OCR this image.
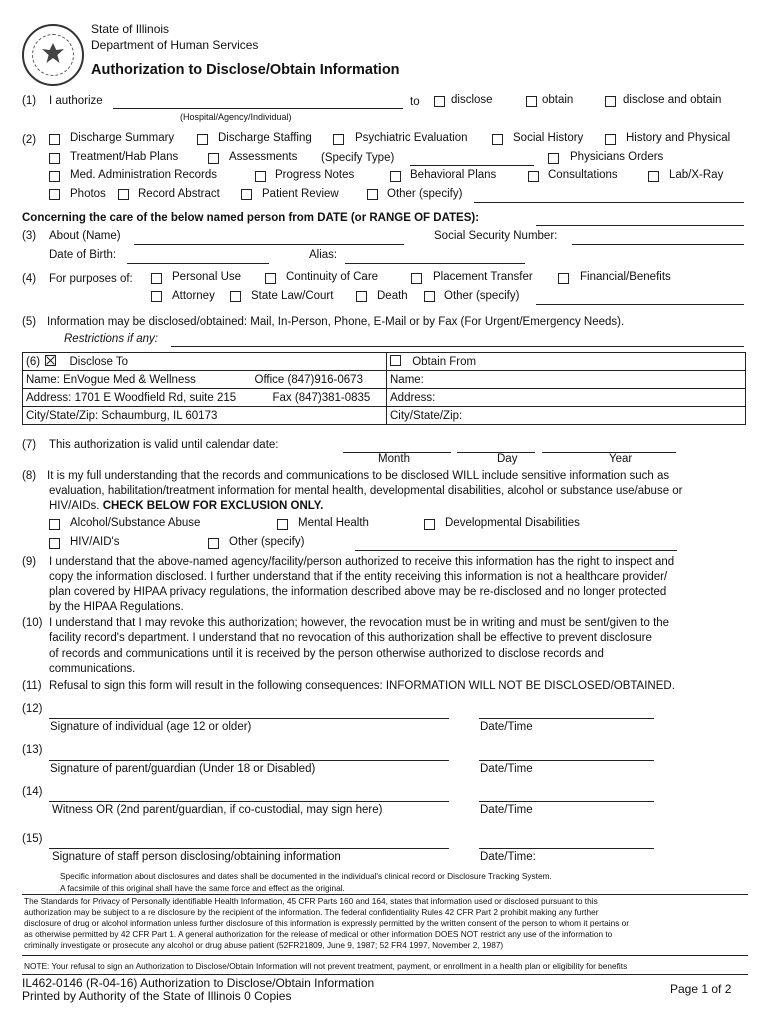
State of Illinois
Department of Human Services
Authorization to Disclose/Obtain Information
(1) I authorize
(Hospital/Agency/Individual)
to	disclose	obtain	disclose and obtain
(2)	Discharge Summary	Discharge Staffing	Psychiatric Evaluation	Social History	History and Physical
Treatment/Hab Plans	Assessments (Specify Type)	Physicians Orders
Med. Administration Records	Progress Notes	Behavioral Plans	Consultations	Lab/X-Ray
Photos	Record Abstract	Patient Review	Other (specify)
Concerning the care of the below named person from DATE (or RANGE OF DATES):
(3) About (Name)	Social Security Number:
Date of Birth:	Alias:
(4) For purposes of:	Personal Use	Continuity of Care	Placement Transfer	Financial/Benefits
Attorney	State Law/Court	Death	Other (specify)
(5) Information may be disclosed/obtained: Mail, In-Person, Phone, E-Mail or by Fax (For Urgent/Emergency Needs).
Restrictions if any:
(6) Disclose To	Obtain From
Name: EnVogue Med & Wellness Office (847)916-0673	Name:
Address: 1701 E Woodfield Rd, suite 215 Fax (847)381-0835	Address:
City/State/Zip: Schaumburg, IL 60173	City/State/Zip:
(7) This authorization is valid until calendar date:
Month	Day	Year
(8) It is my full understanding that the records and communications to be disclosed WILL include sensitive information such as
evaluation, habilitation/treatment information for mental health, developmental disabilities, alcohol or substance use/abuse or
HIV/AIDs. CHECK BELOW FOR EXCLUSION ONLY.
Alcohol/Substance Abuse	Mental Health	Developmental Disabilities
HIV/AID's	Other (specify)
(9) I understand that the above-named agency/facility/person authorized to receive this information has the right to inspect and
copy the information disclosed. I further understand that if the entity receiving this information is not a healthcare provider/
plan covered by HIPAA privacy regulations, the information described above may be re-disclosed and no longer protected
by the HIPAA Regulations.
(10) I understand that I may revoke this authorization; however, the revocation must be in writing and must be sent/given to the
facility record's department. I understand that no revocation of this authorization shall be effective to prevent disclosure
of records and communications until it is received by the person otherwise authorized to disclose records and
communications.
(11) Refusal to sign this form will result in the following consequences: INFORMATION WILL NOT BE DISCLOSED/OBTAINED.
(12)
Signature of individual (age 12 or older)	Date/Time
(13)
Signature of parent/guardian (Under 18 or Disabled)	Date/Time
(14)
Witness OR (2nd parent/guardian, if co-custodial, may sign here)	Date/Time
(15)
Signature of staff person disclosing/obtaining information	Date/Time:
Specific information about disclosures and dates shall be documented in the individual's clinical record or Disclosure Tracking System.
A facsimile of this original shall have the same force and effect as the original.
The Standards for Privacy of Personally identifiable Health Information, 45 CFR Parts 160 and 164, states that information used or disclosed pursuant to this
authorization may be subject to a re disclosure by the recipient of the information. The federal confidentiality Rules 42 CFR Part 2 prohibit making any further
disclosure of drug or alcohol information unless further disclosure of this information is expressly permitted by the written consent of the person to whom it pertains or
as otherwise permitted by 42 CFR Part 1. A general authorization for the release of medical or other information DOES NOT restrict any use of the information to
criminally investigate or prosecute any alcohol or drug abuse patient (52FR21809, June 9, 1987; 52 FR4 1997, November 2, 1987)
NOTE: Your refusal to sign an Authorization to Disclose/Obtain Information will not prevent treatment, payment, or enrollment in a health plan or eligibility for benefits
IL462-0146 (R-04-16) Authorization to Disclose/Obtain Information
Printed by Authority of the State of Illinois 0 Copies	Page 1 of 2
